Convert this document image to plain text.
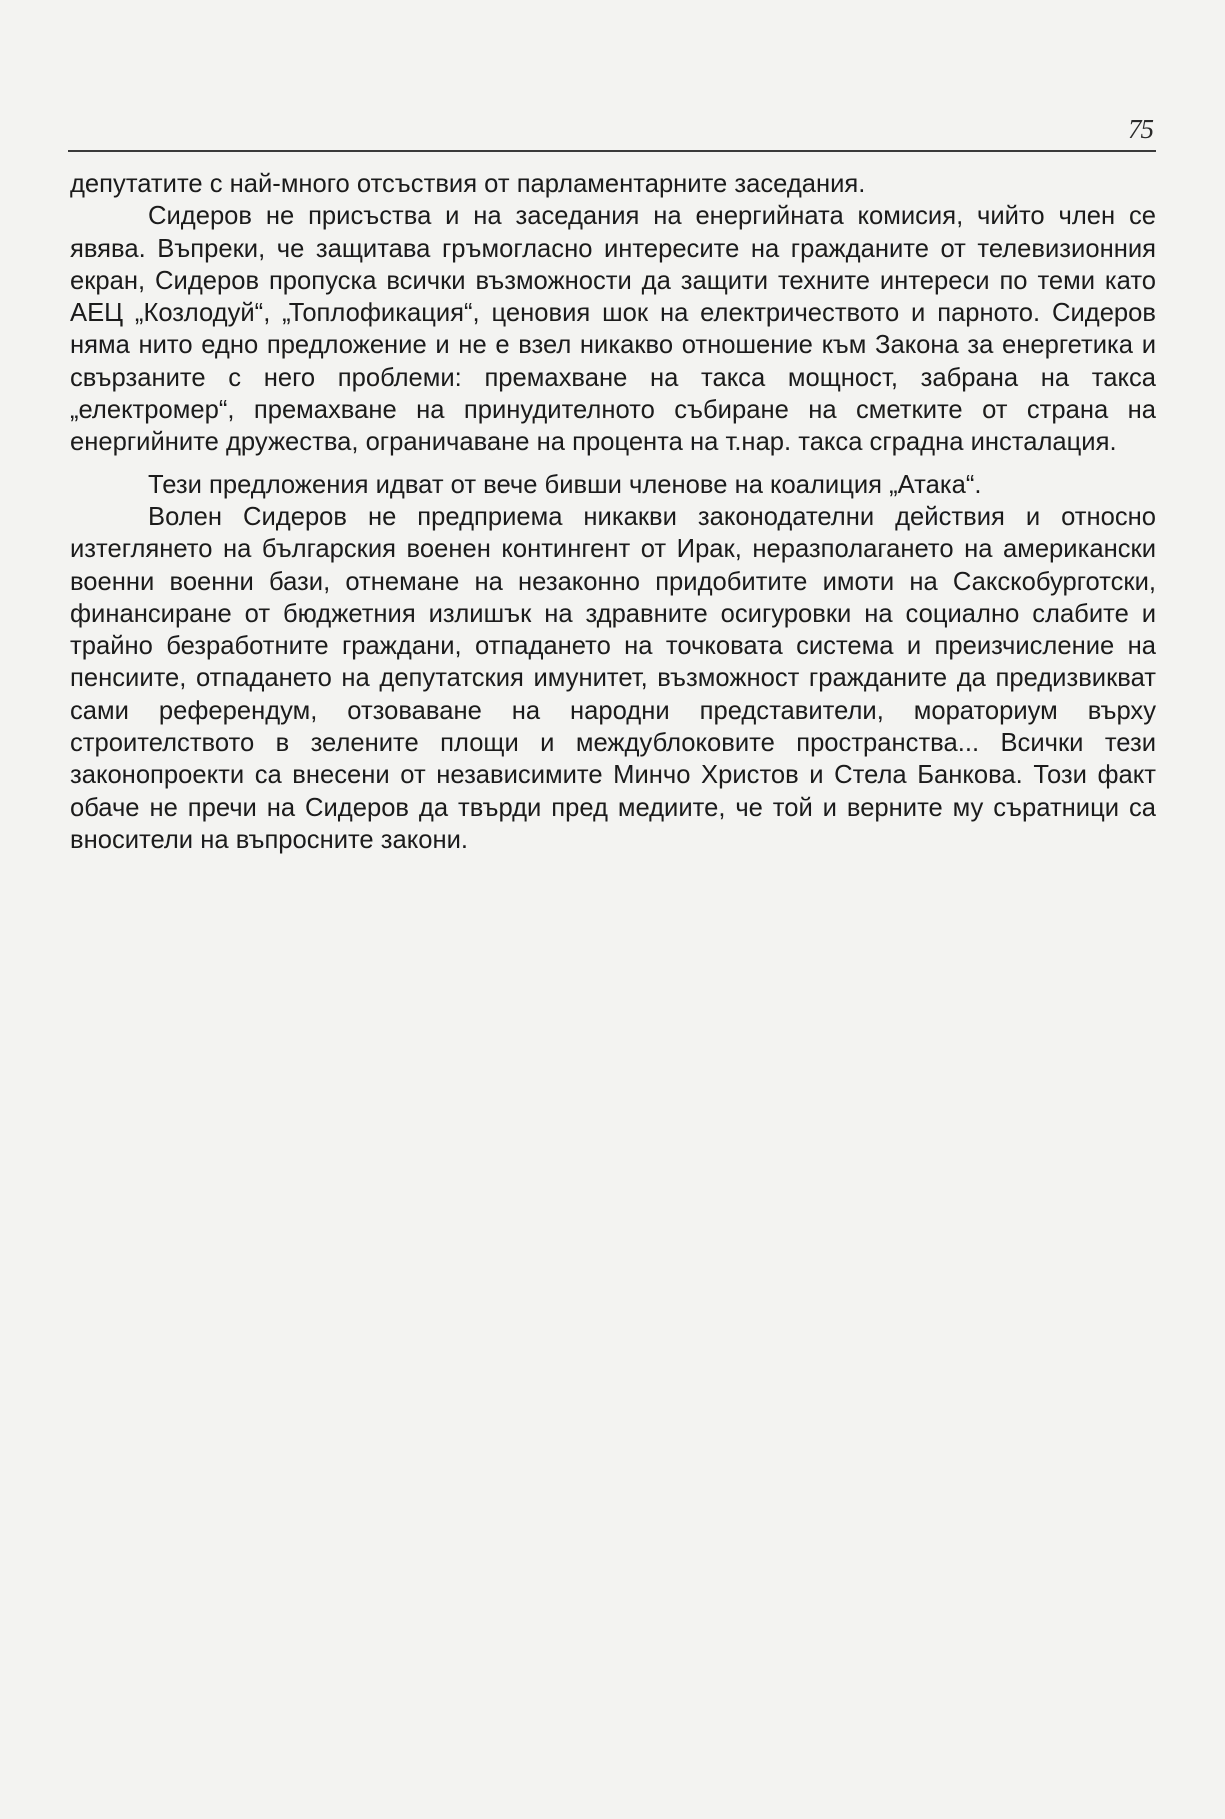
75

депутатите с най-много отсъствия от парламентарните заседания.

Сидеров не присъства и на заседания на енергийната комисия, чийто член се явява. Въпреки, че защитава гръмогласно интересите на гражданите от телевизионния екран, Сидеров пропуска всички възможности да защити техните интереси по теми като АЕЦ „Козлодуй“, „Топлофикация“, ценовия шок на електричеството и парното. Сидеров няма нито едно предложение и не е взел никакво отношение към Закона за енергетика и свързаните с него проблеми: премахване на такса мощност, забрана на такса „електромер“, премахване на принудителното събиране на сметките от страна на енергийните дружества, ограничаване на процента на т.нар. такса сградна инсталация.

Тези предложения идват от вече бивши членове на коалиция „Атака“.

Волен Сидеров не предприема никакви законодателни действия и относно изтеглянето на българския военен контингент от Ирак, неразполагането на американски военни военни бази, отнемане на незаконно придобитите имоти на Сакскобурготски, финансиране от бюджетния излишък на здравните осигуровки на социално слабите и трайно безработните граждани, отпадането на точковата система и преизчисление на пенсиите, отпадането на депутатския имунитет, възможност гражданите да предизвикват сами референдум, отзоваване на народни представители, мораториум върху строителството в зелените площи и междублоковите пространства... Всички тези законопроекти са внесени от независимите Минчо Христов и Стела Банкова. Този факт обаче не пречи на Сидеров да твърди пред медиите, че той и верните му съратници са вносители на въпросните закони.
